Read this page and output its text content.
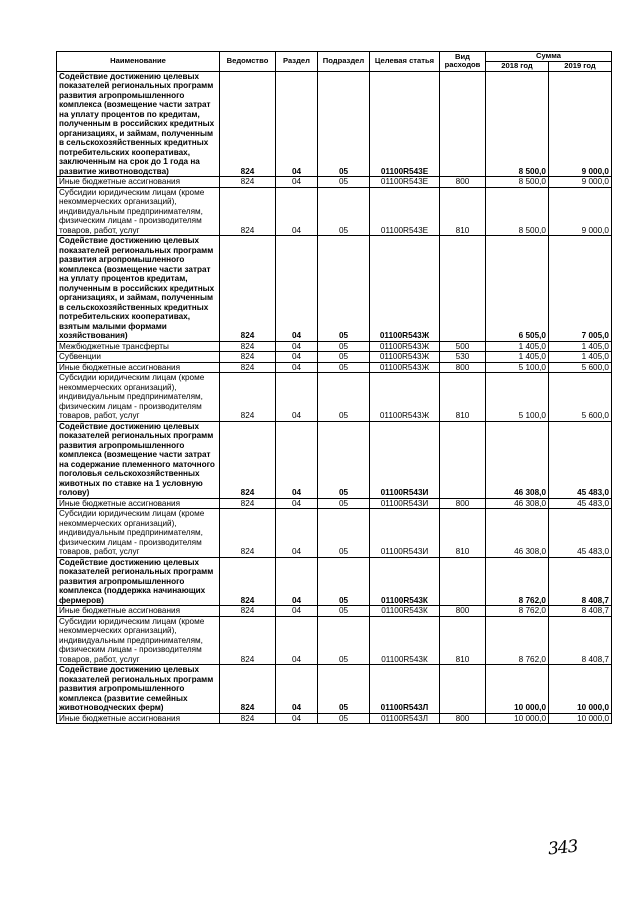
Наименование	Ведомство	Раздел	Подраздел	Целевая статья	Вид расходов	Сумма	
						2018 год	2019 год
Содействие достижению целевых показателей региональных программ развития агропромышленного комплекса (возмещение части затрат на уплату процентов по кредитам, полученным в российских кредитных организациях, и займам, полученным в сельскохозяйственных кредитных потребительских кооперативах, заключенным на срок до 1 года на развитие животноводства)	824	04	05	01100R543E		8 500,0	9 000,0
Иные бюджетные ассигнования	824	04	05	01100R543E	800	8 500,0	9 000,0
Субсидии юридическим лицам (кроме некоммерческих организаций), индивидуальным предпринимателям, физическим лицам - производителям товаров, работ, услуг	824	04	05	01100R543E	810	8 500,0	9 000,0
Содействие достижению целевых показателей региональных программ развития агропромышленного комплекса (возмещение части затрат на уплату процентов кредитам, полученным в российских кредитных организациях, и займам, полученным в сельскохозяйственных кредитных потребительских кооперативах, взятым малыми формами хозяйствования)	824	04	05	01100R543Ж		6 505,0	7 005,0
Межбюджетные трансферты	824	04	05	01100R543Ж	500	1 405,0	1 405,0
Субвенции	824	04	05	01100R543Ж	530	1 405,0	1 405,0
Иные бюджетные ассигнования	824	04	05	01100R543Ж	800	5 100,0	5 600,0
Субсидии юридическим лицам (кроме некоммерческих организаций), индивидуальным предпринимателям, физическим лицам - производителям товаров, работ, услуг	824	04	05	01100R543Ж	810	5 100,0	5 600,0
Содействие достижению целевых показателей региональных программ развития агропромышленного комплекса (возмещение части затрат на содержание племенного маточного поголовья сельскохозяйственных животных по ставке на 1 условную голову)	824	04	05	01100R543И		46 308,0	45 483,0
Иные бюджетные ассигнования	824	04	05	01100R543И	800	46 308,0	45 483,0
Субсидии юридическим лицам (кроме некоммерческих организаций), индивидуальным предпринимателям, физическим лицам - производителям товаров, работ, услуг	824	04	05	01100R543И	810	46 308,0	45 483,0
Содействие достижению целевых показателей региональных программ развития агропромышленного комплекса (поддержка начинающих фермеров)	824	04	05	01100R543К		8 762,0	8 408,7
Иные бюджетные ассигнования	824	04	05	01100R543К	800	8 762,0	8 408,7
Субсидии юридическим лицам (кроме некоммерческих организаций), индивидуальным предпринимателям, физическим лицам - производителям товаров, работ, услуг	824	04	05	01100R543К	810	8 762,0	8 408,7
Содействие достижению целевых показателей региональных программ развития агропромышленного комплекса (развитие семейных животноводческих ферм)	824	04	05	01100R543Л		10 000,0	10 000,0
Иные бюджетные ассигнования	824	04	05	01100R543Л	800	10 000,0	10 000,0
343
